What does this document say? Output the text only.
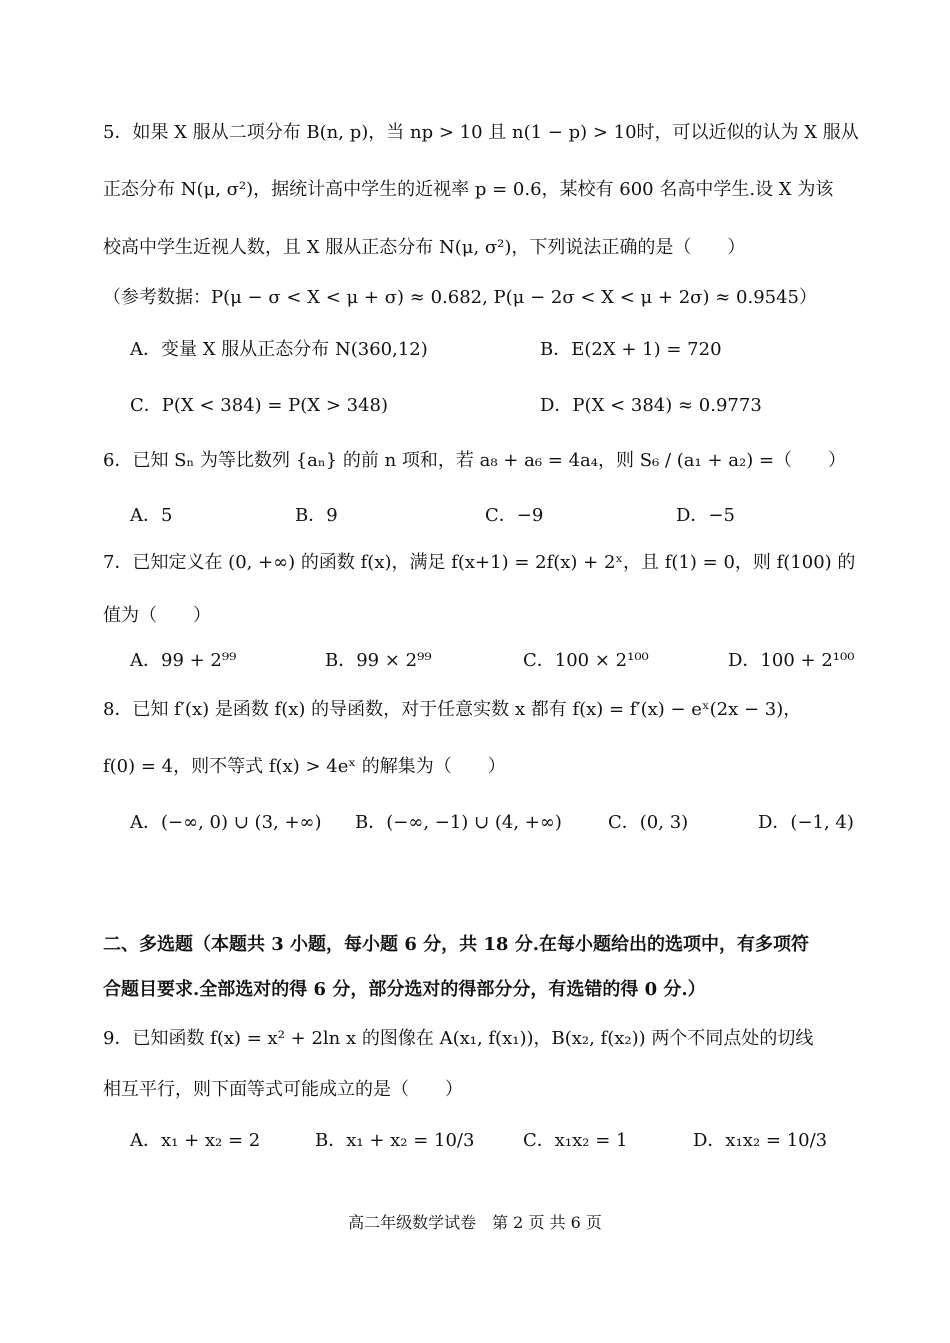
5．如果 X 服从二项分布 B(n, p)，当 np > 10 且 n(1 − p) > 10时，可以近似的认为 X 服从
正态分布 N(μ, σ²)，据统计高中学生的近视率 p = 0.6，某校有 600 名高中学生.设 X 为该
校高中学生近视人数，且 X 服从正态分布 N(μ, σ²)，下列说法正确的是（　　）
（参考数据：P(μ − σ < X < μ + σ) ≈ 0.682, P(μ − 2σ < X < μ + 2σ) ≈ 0.9545）
A．变量 X 服从正态分布 N(360,12)	B．E(2X + 1) = 720
C．P(X < 384) = P(X > 348)	D．P(X < 384) ≈ 0.9773
6．已知 Sₙ 为等比数列 {aₙ} 的前 n 项和，若 a₈ + a₆ = 4a₄，则 S₆ / (a₁ + a₂) =（　　）
A．5	B．9	C．−9	D．−5
7．已知定义在 (0, +∞) 的函数 f(x)，满足 f(x+1) = 2f(x) + 2ˣ，且 f(1) = 0，则 f(100) 的
值为（　　）
A．99 + 2⁹⁹	B．99 × 2⁹⁹	C．100 × 2¹⁰⁰	D．100 + 2¹⁰⁰
8．已知 f′(x) 是函数 f(x) 的导函数，对于任意实数 x 都有 f(x) = f′(x) − eˣ(2x − 3)，
f(0) = 4，则不等式 f(x) > 4eˣ 的解集为（　　）
A．(−∞, 0) ∪ (3, +∞) B．(−∞, −1) ∪ (4, +∞)	C．(0, 3)	D．(−1, 4)
二、多选题（本题共 3 小题，每小题 6 分，共 18 分.在每小题给出的选项中，有多项符
合题目要求.全部选对的得 6 分，部分选对的得部分分，有选错的得 0 分.）
9．已知函数 f(x) = x² + 2ln x 的图像在 A(x₁, f(x₁))，B(x₂, f(x₂)) 两个不同点处的切线
相互平行，则下面等式可能成立的是（　　）
A．x₁ + x₂ = 2	B．x₁ + x₂ = 10/3	C．x₁x₂ = 1	D．x₁x₂ = 10/3
高二年级数学试卷　第 2 页 共 6 页
